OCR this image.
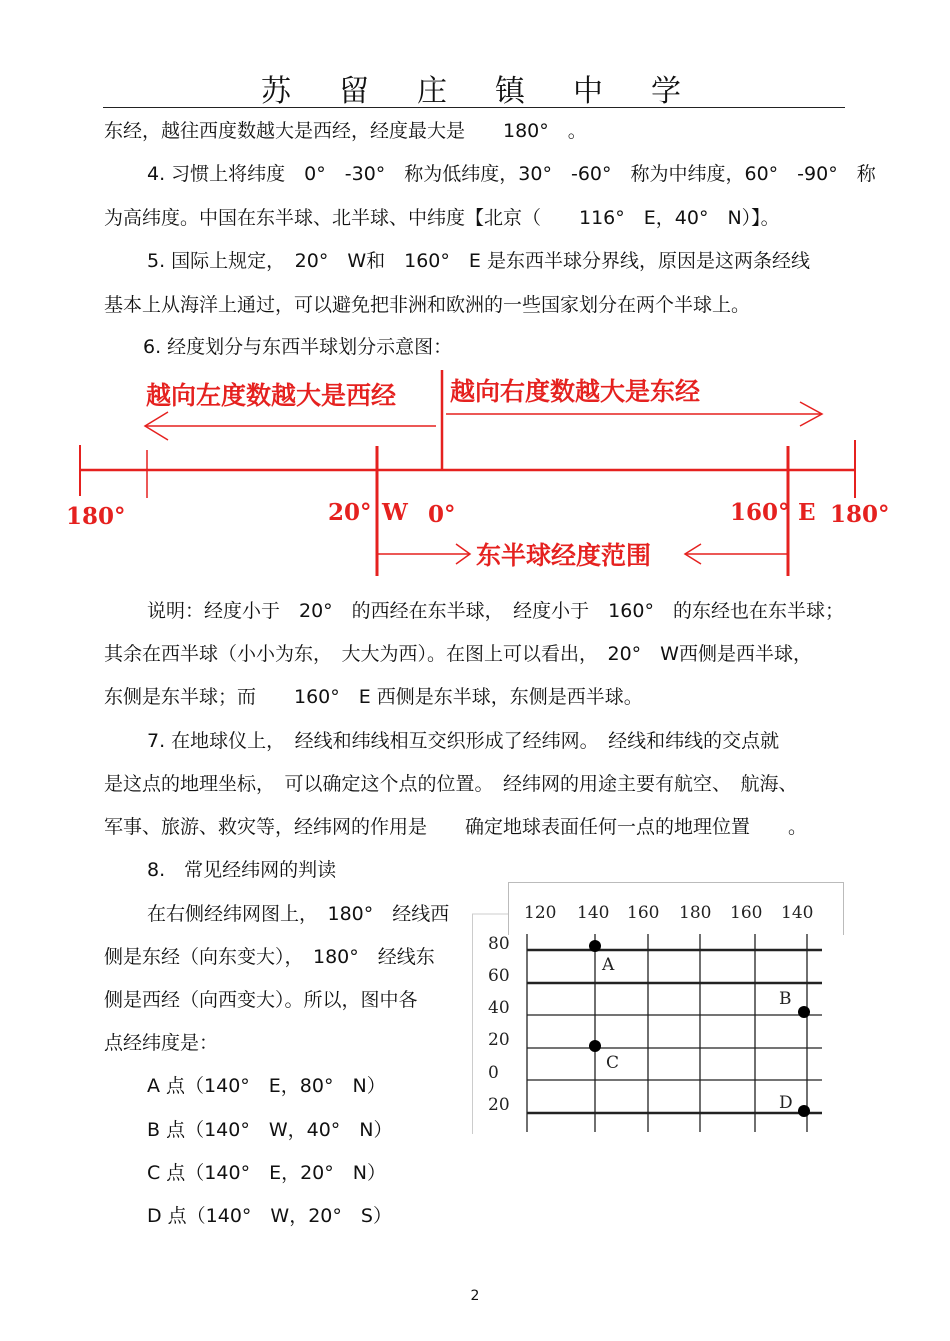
苏留庄镇中学
东经，越往西度数越大是西经，经度最大是　　180°　。
4. 习惯上将纬度　0°　-30°　称为低纬度，30°　-60°　称为中纬度，60°　-90°　称
为高纬度。中国在东半球、北半球、中纬度【北京（　　116°　E，40°　N）】。
5. 国际上规定，　20°　W和　160°　E 是东西半球分界线，原因是这两条经线
基本上从海洋上通过，可以避免把非洲和欧洲的一些国家划分在两个半球上。
6. 经度划分与东西半球划分示意图：
越向左度数越大是西经 越向右度数越大是东经
180°	20° W 0°	160° E 180°
东半球经度范围
说明：经度小于　20°　的西经在东半球，　经度小于　160°　的东经也在东半球；
其余在西半球（小小为东，　大大为西）。在图上可以看出，　20°　W西侧是西半球，
东侧是东半球；而　　160°　E 西侧是东半球，东侧是西半球。
7. 在地球仪上，　经线和纬线相互交织形成了经纬网。　经线和纬线的交点就
是这点的地理坐标，　可以确定这个点的位置。　经纬网的用途主要有航空、　航海、
军事、旅游、救灾等，经纬网的作用是　　确定地球表面任何一点的地理位置　　。
8.　常见经纬网的判读
在右侧经纬网图上，　180°　经线西
侧是东经（向东变大），　180°　经线东
侧是西经（向西变大）。所以，图中各
点经纬度是：
A 点（140°　E，80°　N）
B 点（140°　W，40°　N）
C 点（140°　E，20°　N）
D 点（140°　W，20°　S）
120 140 160 180 160 140
80
60
40
20
0
20
A
B
C
D
2
